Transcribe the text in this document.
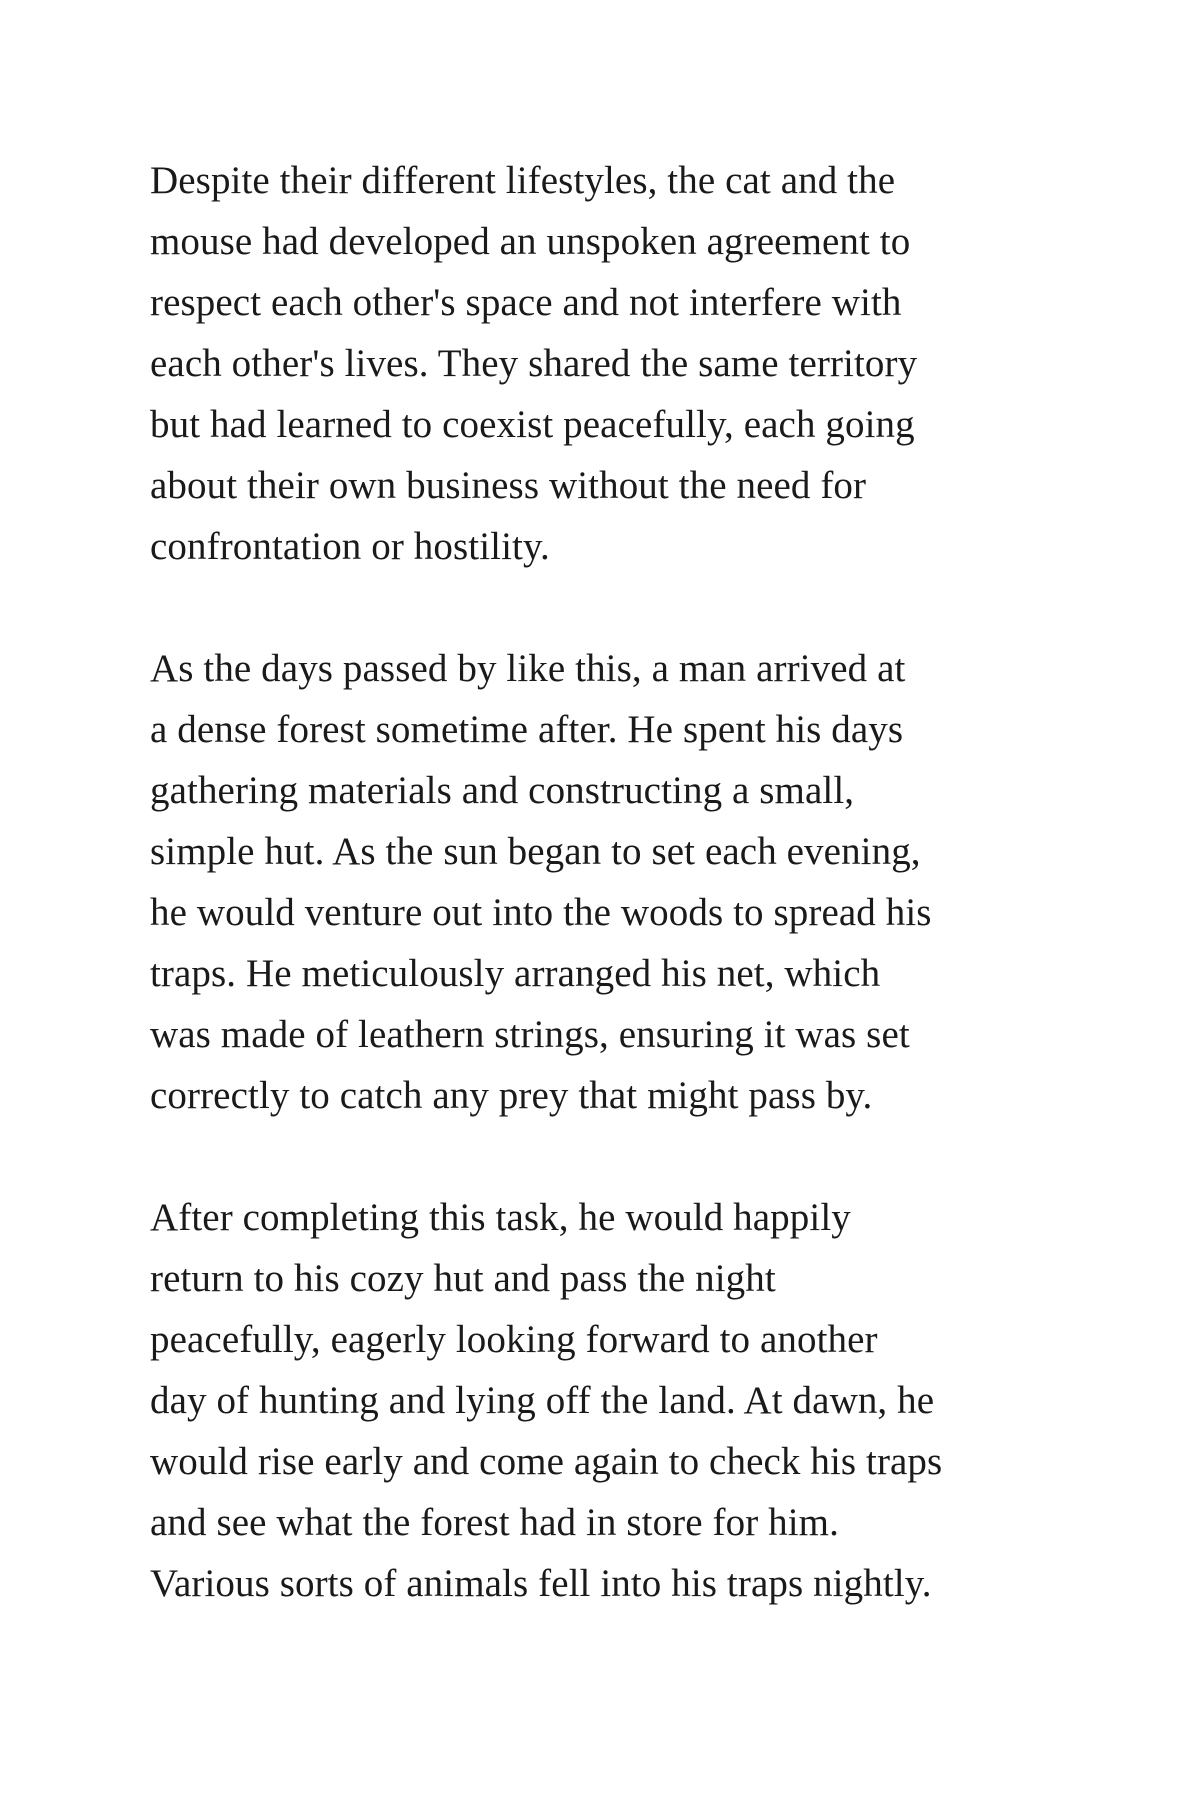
Despite their different lifestyles, the cat and the
mouse had developed an unspoken agreement to
respect each other's space and not interfere with
each other's lives. They shared the same territory
but had learned to coexist peacefully, each going
about their own business without the need for
confrontation or hostility.

As the days passed by like this, a man arrived at
a dense forest sometime after. He spent his days
gathering materials and constructing a small,
simple hut. As the sun began to set each evening,
he would venture out into the woods to spread his
traps. He meticulously arranged his net, which
was made of leathern strings, ensuring it was set
correctly to catch any prey that might pass by.

After completing this task, he would happily
return to his cozy hut and pass the night
peacefully, eagerly looking forward to another
day of hunting and lying off the land. At dawn, he
would rise early and come again to check his traps
and see what the forest had in store for him.
Various sorts of animals fell into his traps nightly.
